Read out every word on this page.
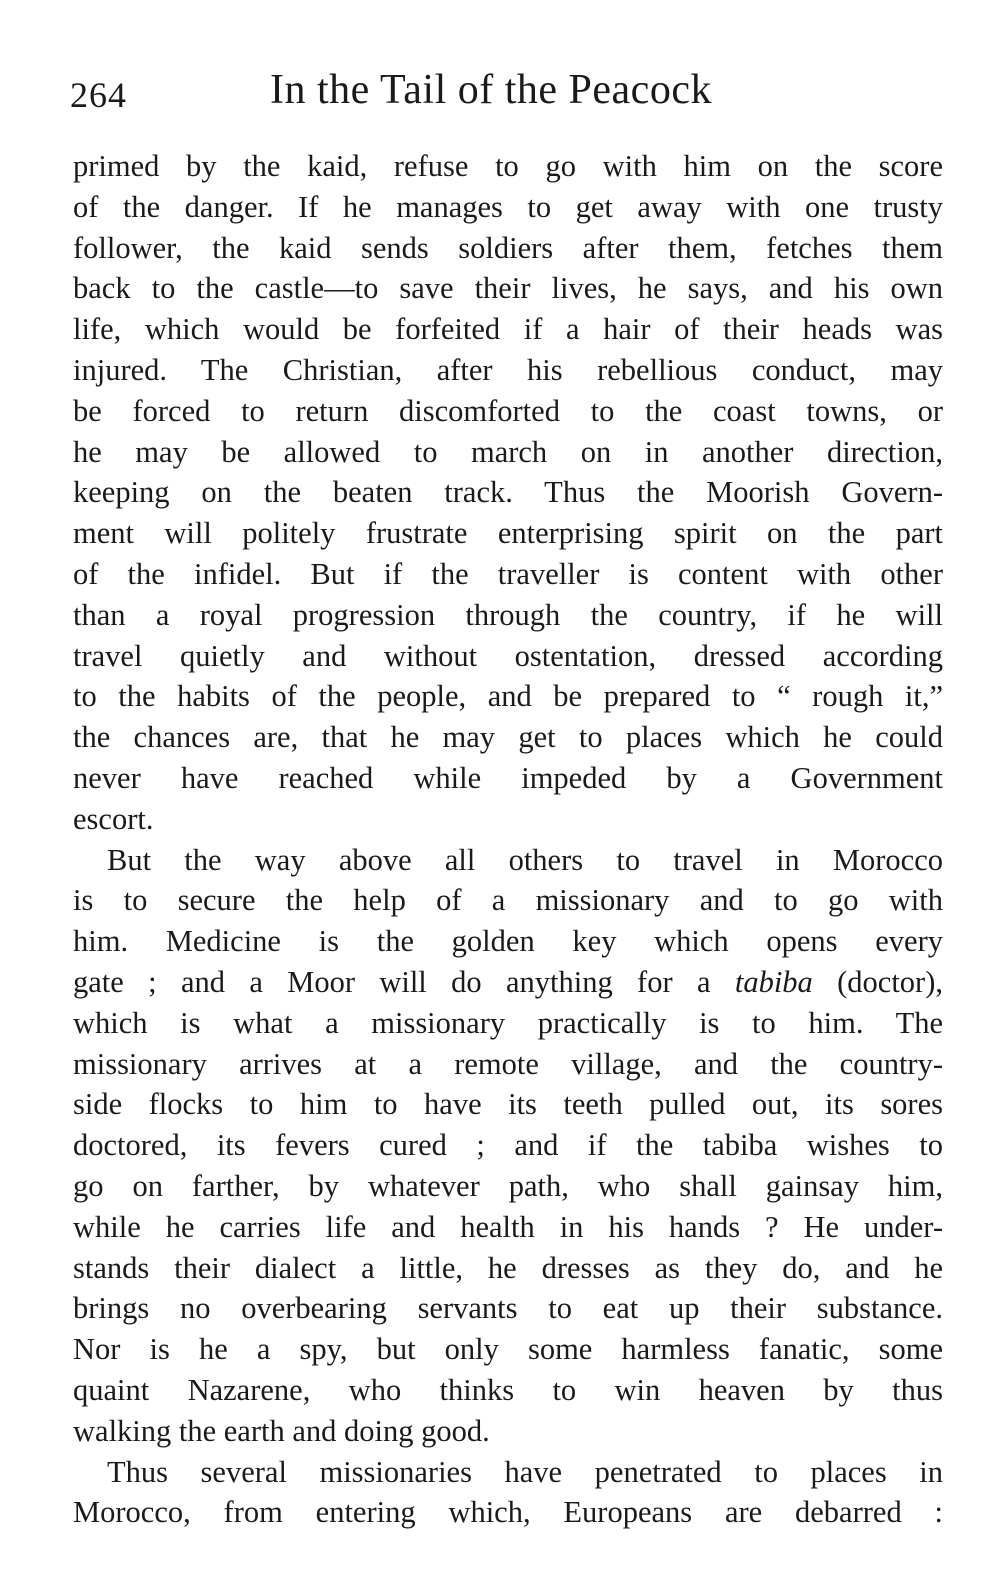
264	In the Tail of the Peacock
primed by the kaid, refuse to go with him on the score
of the danger. If he manages to get away with one trusty
follower, the kaid sends soldiers after them, fetches them
back to the castle—to save their lives, he says, and his own
life, which would be forfeited if a hair of their heads was
injured. The Christian, after his rebellious conduct, may
be forced to return discomforted to the coast towns, or
he may be allowed to march on in another direction,
keeping on the beaten track. Thus the Moorish Govern-
ment will politely frustrate enterprising spirit on the part
of the infidel. But if the traveller is content with other
than a royal progression through the country, if he will
travel quietly and without ostentation, dressed according
to the habits of the people, and be prepared to “ rough it,”
the chances are, that he may get to places which he could
never have reached while impeded by a Government
escort.
But the way above all others to travel in Morocco
is to secure the help of a missionary and to go with
him. Medicine is the golden key which opens every
gate ; and a Moor will do anything for a tabiba (doctor),
which is what a missionary practically is to him. The
missionary arrives at a remote village, and the country-
side flocks to him to have its teeth pulled out, its sores
doctored, its fevers cured ; and if the tabiba wishes to
go on farther, by whatever path, who shall gainsay him,
while he carries life and health in his hands ? He under-
stands their dialect a little, he dresses as they do, and he
brings no overbearing servants to eat up their substance.
Nor is he a spy, but only some harmless fanatic, some
quaint Nazarene, who thinks to win heaven by thus
walking the earth and doing good.
Thus several missionaries have penetrated to places in
Morocco, from entering which, Europeans are debarred :
